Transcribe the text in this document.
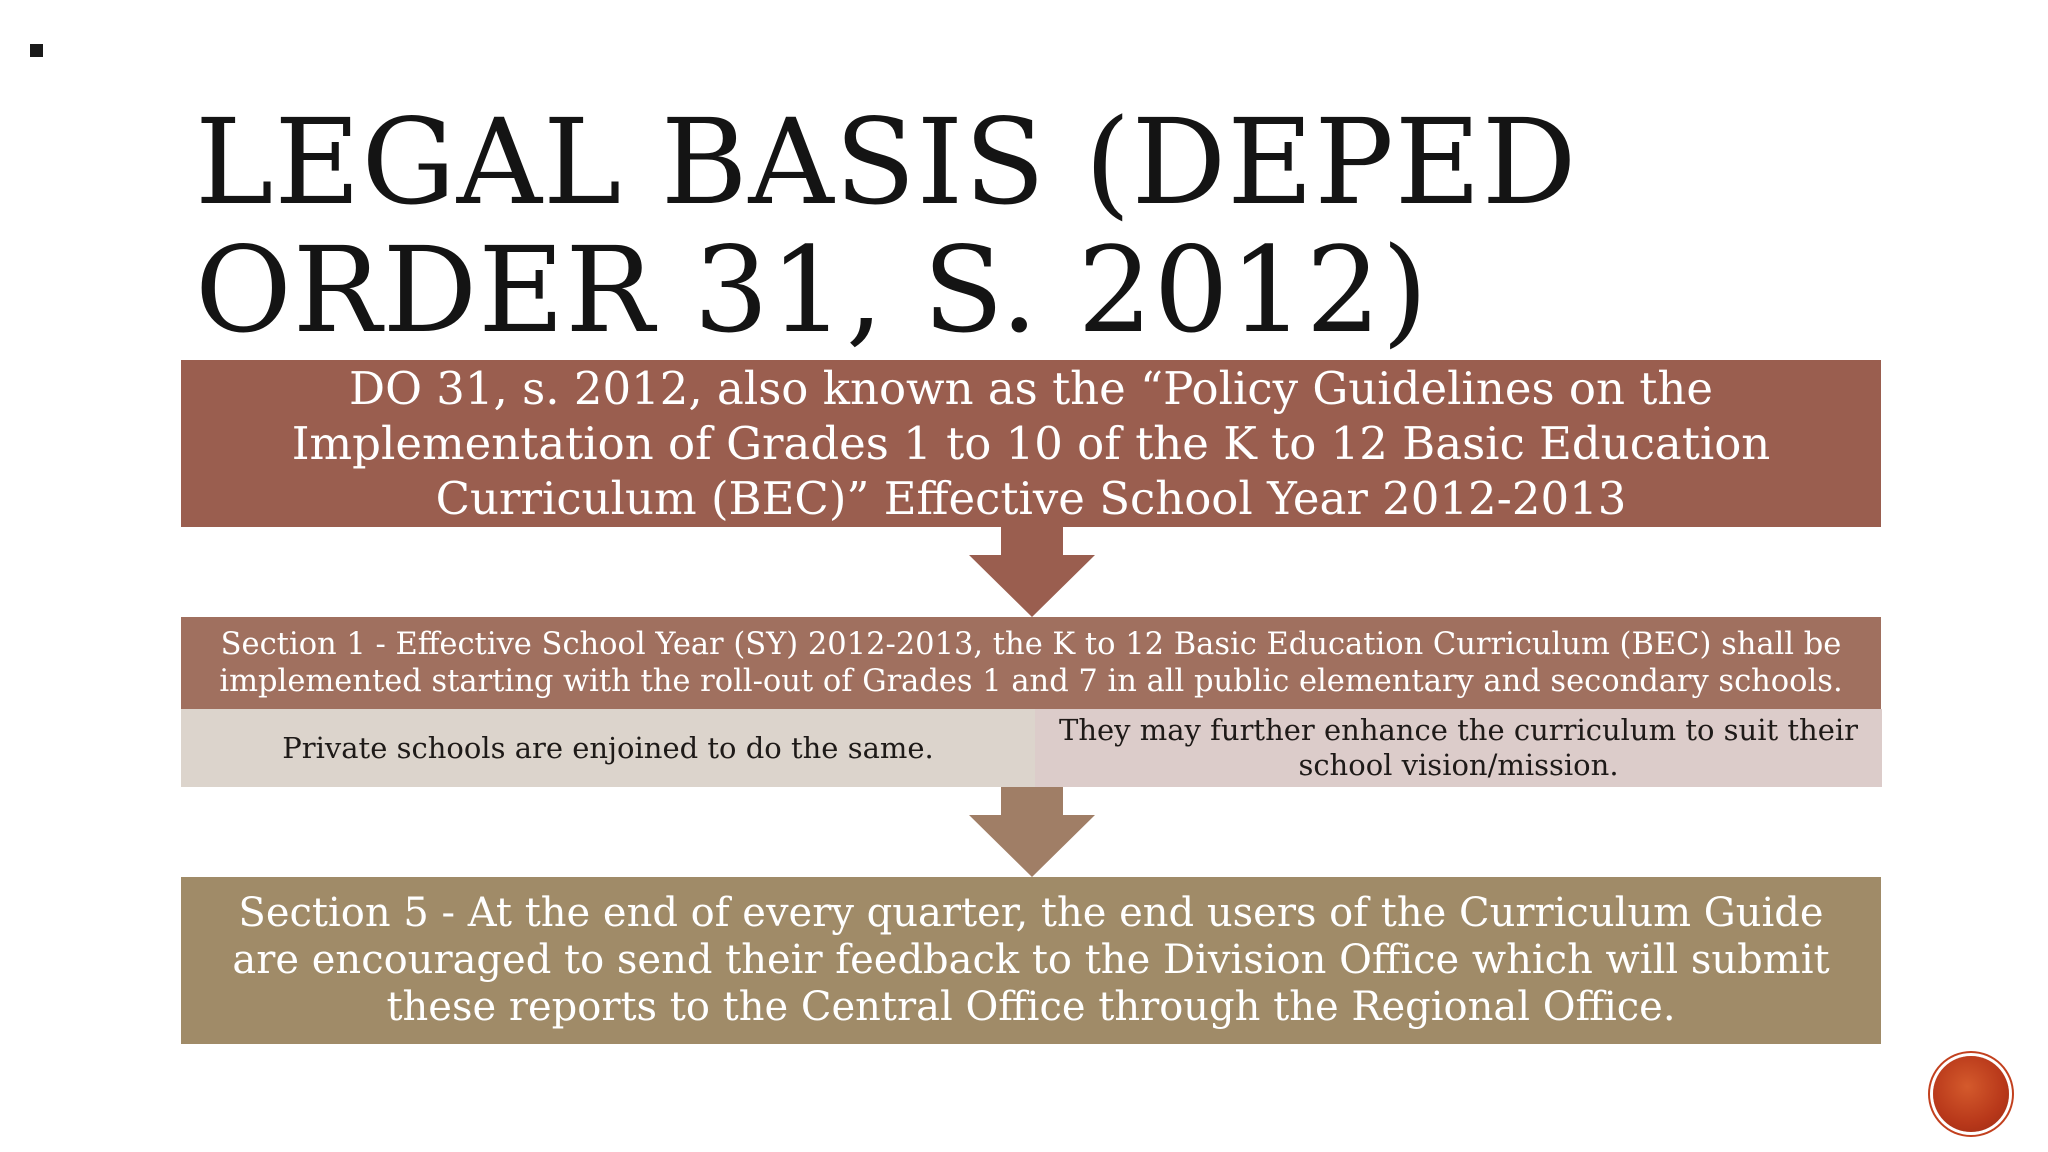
LEGAL BASIS (DEPED ORDER 31, S. 2012)
DO 31, s. 2012, also known as the “Policy Guidelines on the Implementation of Grades 1 to 10 of the K to 12 Basic Education Curriculum (BEC)” Effective School Year 2012-2013
Section 1 - Effective School Year (SY) 2012-2013, the K to 12 Basic Education Curriculum (BEC) shall be implemented starting with the roll-out of Grades 1 and 7 in all public elementary and secondary schools.
Private schools are enjoined to do the same.
They may further enhance the curriculum to suit their school vision/mission.
Section 5 - At the end of every quarter, the end users of the Curriculum Guide are encouraged to send their feedback to the Division Office which will submit these reports to the Central Office through the Regional Office.
